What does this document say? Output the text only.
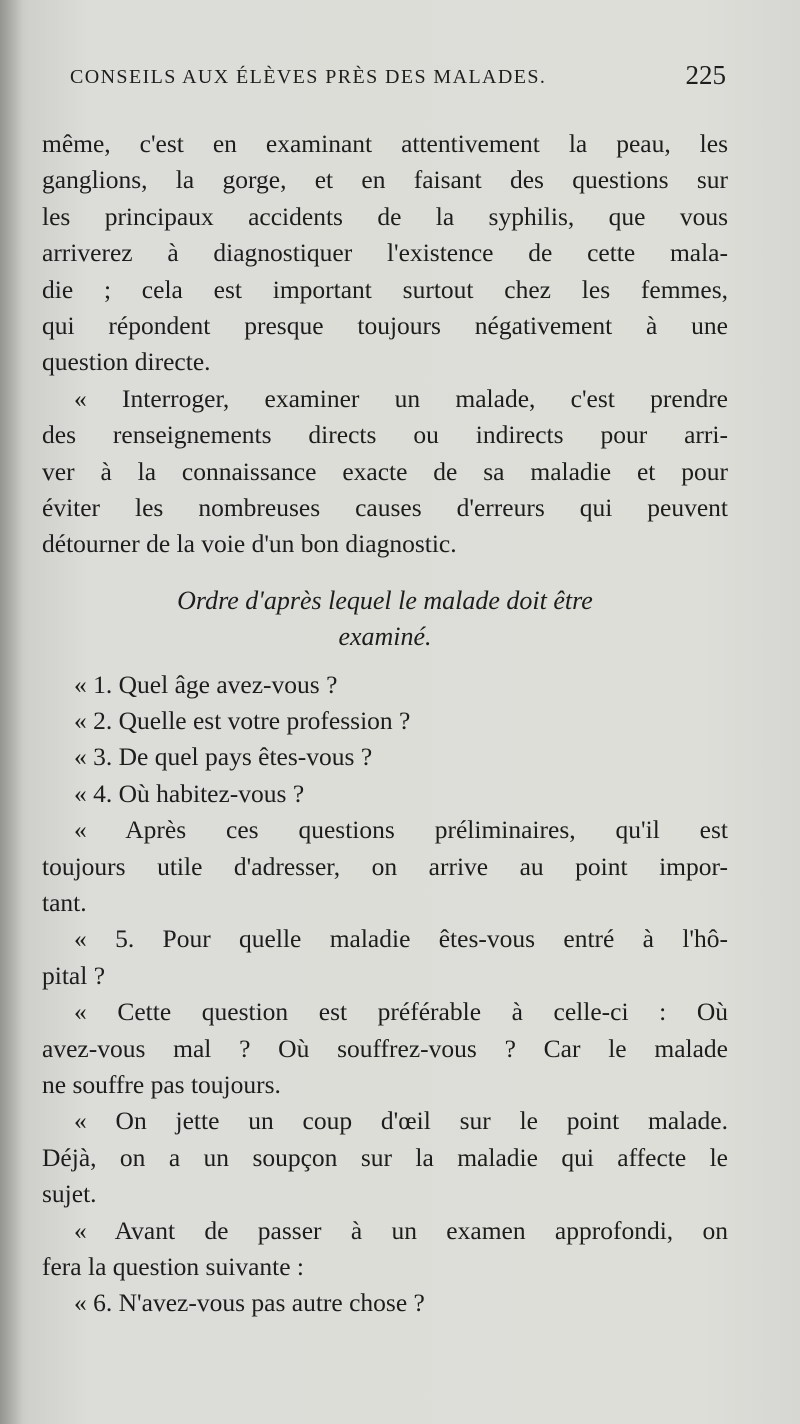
CONSEILS AUX ÉLÈVES PRÈS DES MALADES.	225
même, c'est en examinant attentivement la peau, les
ganglions, la gorge, et en faisant des questions sur
les principaux accidents de la syphilis, que vous
arriverez à diagnostiquer l'existence de cette mala-
die ; cela est important surtout chez les femmes,
qui répondent presque toujours négativement à une
question directe.
« Interroger, examiner un malade, c'est prendre
des renseignements directs ou indirects pour arri-
ver à la connaissance exacte de sa maladie et pour
éviter les nombreuses causes d'erreurs qui peuvent
détourner de la voie d'un bon diagnostic.
Ordre d'après lequel le malade doit être
examiné.
« 1. Quel âge avez-vous ?
« 2. Quelle est votre profession ?
« 3. De quel pays êtes-vous ?
« 4. Où habitez-vous ?
« Après ces questions préliminaires, qu'il est
toujours utile d'adresser, on arrive au point impor-
tant.
« 5. Pour quelle maladie êtes-vous entré à l'hô-
pital ?
« Cette question est préférable à celle-ci : Où
avez-vous mal ? Où souffrez-vous ? Car le malade
ne souffre pas toujours.
« On jette un coup d'œil sur le point malade.
Déjà, on a un soupçon sur la maladie qui affecte le
sujet.
« Avant de passer à un examen approfondi, on
fera la question suivante :
« 6. N'avez-vous pas autre chose ?
